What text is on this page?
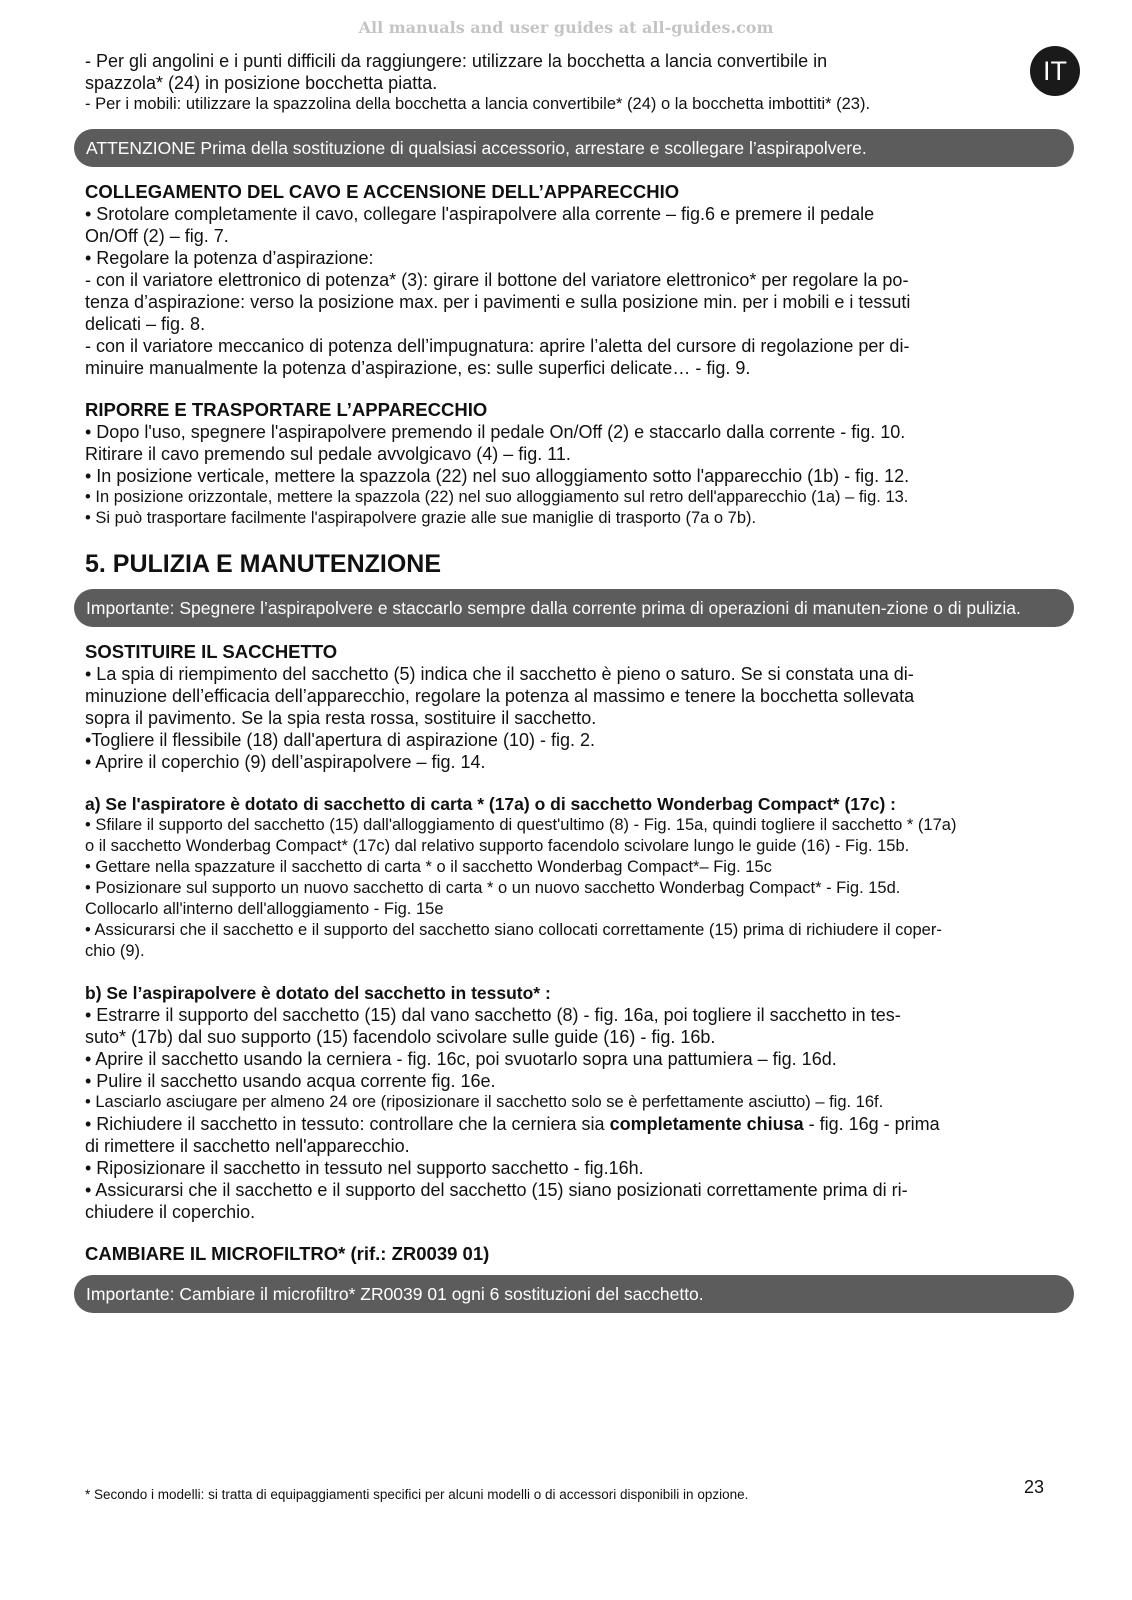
All manuals and user guides at all-guides.com
IT

- Per gli angolini e i punti difficili da raggiungere: utilizzare la bocchetta a lancia convertibile in

spazzola* (24) in posizione bocchetta piatta.

- Per i mobili: utilizzare la spazzolina della bocchetta a lancia convertibile* (24) o la bocchetta imbottiti* (23).

ATTENZIONE Prima della sostituzione di qualsiasi accessorio, arrestare e scollegare l’aspirapolvere.

COLLEGAMENTO DEL CAVO E ACCENSIONE DELL’APPARECCHIO

• Srotolare completamente il cavo, collegare l'aspirapolvere alla corrente – fig.6 e premere il pedale

On/Off (2) – fig. 7.

• Regolare la potenza d’aspirazione:

- con il variatore elettronico di potenza* (3): girare il bottone del variatore elettronico* per regolare la po-

tenza d’aspirazione: verso la posizione max. per i pavimenti e sulla posizione min. per i mobili e i tessuti

delicati – fig. 8.

- con il variatore meccanico di potenza dell’impugnatura: aprire l’aletta del cursore di regolazione per di-

minuire manualmente la potenza d’aspirazione, es: sulle superfici delicate… - fig. 9.

RIPORRE E TRASPORTARE L’APPARECCHIO

• Dopo l'uso, spegnere l'aspirapolvere premendo il pedale On/Off (2) e staccarlo dalla corrente - fig. 10.

Ritirare il cavo premendo sul pedale avvolgicavo (4) – fig. 11.

• In posizione verticale, mettere la spazzola (22) nel suo alloggiamento sotto l'apparecchio (1b) - fig. 12.

• In posizione orizzontale, mettere la spazzola (22) nel suo alloggiamento sul retro dell'apparecchio (1a) – fig. 13.

• Si può trasportare facilmente l'aspirapolvere grazie alle sue maniglie di trasporto (7a o 7b).

5. PULIZIA E MANUTENZIONE

Importante: Spegnere l’aspirapolvere e staccarlo sempre dalla corrente prima di operazioni di manuten-zione o di pulizia.

SOSTITUIRE IL SACCHETTO

• La spia di riempimento del sacchetto (5) indica che il sacchetto è pieno o saturo. Se si constata una di-

minuzione dell’efficacia dell’apparecchio, regolare la potenza al massimo e tenere la bocchetta sollevata

sopra il pavimento. Se la spia resta rossa, sostituire il sacchetto.

•Togliere il flessibile (18) dall'apertura di aspirazione (10) - fig. 2.

• Aprire il coperchio (9) dell’aspirapolvere – fig. 14.

a) Se l'aspiratore è dotato di sacchetto di carta * (17a) o di sacchetto Wonderbag Compact* (17c) :

• Sfilare il supporto del sacchetto (15) dall'alloggiamento di quest'ultimo (8) - Fig. 15a, quindi togliere il sacchetto * (17a)

o il sacchetto Wonderbag Compact* (17c) dal relativo supporto facendolo scivolare lungo le guide (16) - Fig. 15b.

• Gettare nella spazzature il sacchetto di carta * o il sacchetto Wonderbag Compact*– Fig. 15c

• Posizionare sul supporto un nuovo sacchetto di carta * o un nuovo sacchetto Wonderbag Compact* - Fig. 15d.

Collocarlo all'interno dell'alloggiamento - Fig. 15e

• Assicurarsi che il sacchetto e il supporto del sacchetto siano collocati correttamente (15) prima di richiudere il coper-

chio (9).

b) Se l’aspirapolvere è dotato del sacchetto in tessuto* :

• Estrarre il supporto del sacchetto (15) dal vano sacchetto (8) - fig. 16a, poi togliere il sacchetto in tes-

suto* (17b) dal suo supporto (15) facendolo scivolare sulle guide (16) - fig. 16b.

• Aprire il sacchetto usando la cerniera - fig. 16c, poi svuotarlo sopra una pattumiera – fig. 16d.

• Pulire il sacchetto usando acqua corrente fig. 16e.

• Lasciarlo asciugare per almeno 24 ore (riposizionare il sacchetto solo se è perfettamente asciutto) – fig. 16f.

• Richiudere il sacchetto in tessuto: controllare che la cerniera sia completamente chiusa - fig. 16g - prima

di rimettere il sacchetto nell'apparecchio.

• Riposizionare il sacchetto in tessuto nel supporto sacchetto - fig.16h.

• Assicurarsi che il sacchetto e il supporto del sacchetto (15) siano posizionati correttamente prima di ri-

chiudere il coperchio.

CAMBIARE IL MICROFILTRO* (rif.: ZR0039 01)

Importante: Cambiare il microfiltro* ZR0039 01 ogni 6 sostituzioni del sacchetto.
* Secondo i modelli: si tratta di equipaggiamenti specifici per alcuni modelli o di accessori disponibili in opzione.	23
